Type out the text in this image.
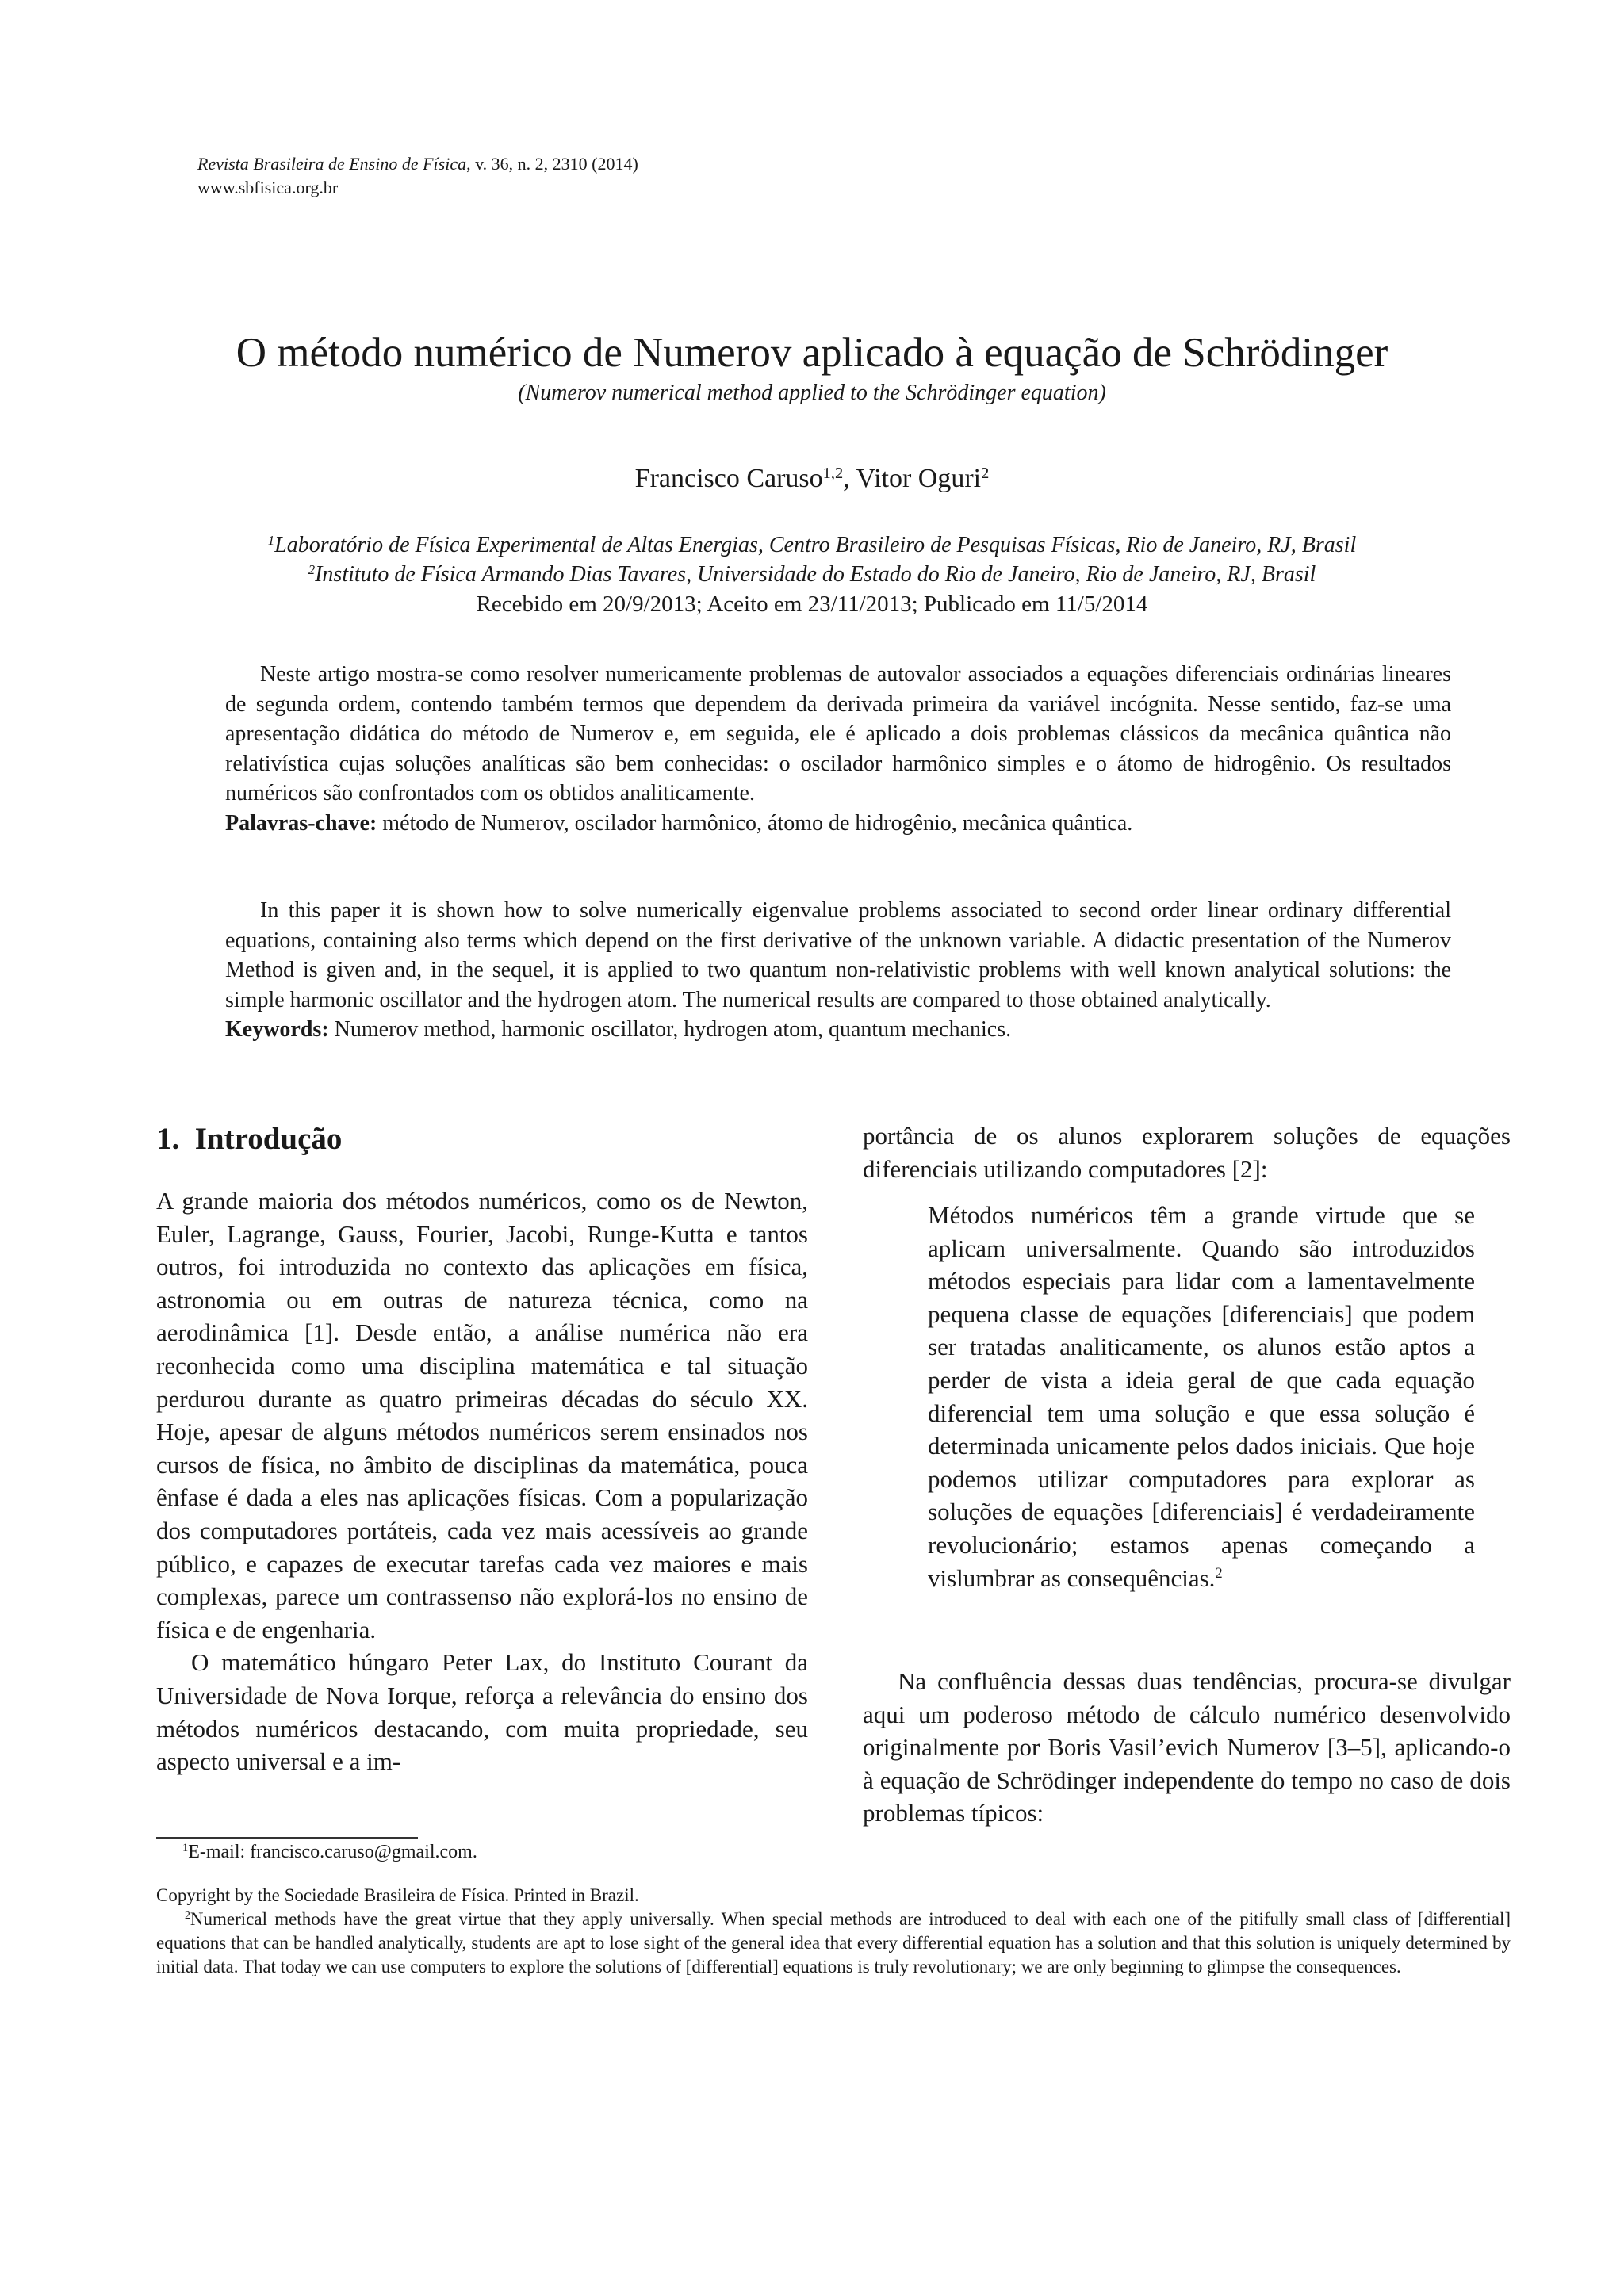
Revista Brasileira de Ensino de Física, v. 36, n. 2, 2310 (2014)
www.sbfisica.org.br
O método numérico de Numerov aplicado à equação de Schrödinger
(Numerov numerical method applied to the Schrödinger equation)
Francisco Caruso$^{1,2}$, Vitor Oguri$^2$
$^1$Laboratório de Física Experimental de Altas Energias, Centro Brasileiro de Pesquisas Físicas, Rio de Janeiro, RJ, Brasil
$^2$Instituto de Física Armando Dias Tavares, Universidade do Estado do Rio de Janeiro, Rio de Janeiro, RJ, Brasil
Recebido em 20/9/2013; Aceito em 23/11/2013; Publicado em 11/5/2014

Neste artigo mostra-se como resolver numericamente problemas de autovalor associados a equações diferenciais ordinárias lineares de segunda ordem, contendo também termos que dependem da derivada primeira da variável incógnita. Nesse sentido, faz-se uma apresentação didática do método de Numerov e, em seguida, ele é aplicado a dois problemas clássicos da mecânica quântica não relativística cujas soluções analíticas são bem conhecidas: o oscilador harmônico simples e o átomo de hidrogênio. Os resultados numéricos são confrontados com os obtidos analiticamente.

Palavras-chave: método de Numerov, oscilador harmônico, átomo de hidrogênio, mecânica quântica.

In this paper it is shown how to solve numerically eigenvalue problems associated to second order linear ordinary differential equations, containing also terms which depend on the first derivative of the unknown variable. A didactic presentation of the Numerov Method is given and, in the sequel, it is applied to two quantum non-relativistic problems with well known analytical solutions: the simple harmonic oscillator and the hydrogen atom. The numerical results are compared to those obtained analytically.

Keywords: Numerov method, harmonic oscillator, hydrogen atom, quantum mechanics.

1. Introdução

A grande maioria dos métodos numéricos, como os de Newton, Euler, Lagrange, Gauss, Fourier, Jacobi, Runge-Kutta e tantos outros, foi introduzida no contexto das aplicações em física, astronomia ou em outras de natureza técnica, como na aerodinâmica [1]. Desde então, a análise numérica não era reconhecida como uma disciplina matemática e tal situação perdurou durante as quatro primeiras décadas do século XX. Hoje, apesar de alguns métodos numéricos serem ensinados nos cursos de física, no âmbito de disciplinas da matemática, pouca ênfase é dada a eles nas aplicações físicas. Com a popularização dos computadores portáteis, cada vez mais acessíveis ao grande público, e capazes de executar tarefas cada vez maiores e mais complexas, parece um contrassenso não explorá-los no ensino de física e de engenharia.

O matemático húngaro Peter Lax, do Instituto Courant da Universidade de Nova Iorque, reforça a relevância do ensino dos métodos numéricos destacando, com muita propriedade, seu aspecto universal e a im-

portância de os alunos explorarem soluções de equações diferenciais utilizando computadores [2]:

Métodos numéricos têm a grande virtude que se aplicam universalmente. Quando são introduzidos métodos especiais para lidar com a lamentavelmente pequena classe de equações [diferenciais] que podem ser tratadas analiticamente, os alunos estão aptos a perder de vista a ideia geral de que cada equação diferencial tem uma solução e que essa solução é determinada unicamente pelos dados iniciais. Que hoje podemos utilizar computadores para explorar as soluções de equações [diferenciais] é verdadeiramente revolucionário; estamos apenas começando a vislumbrar as consequências.$^2$

Na confluência dessas duas tendências, procura-se divulgar aqui um poderoso método de cálculo numérico desenvolvido originalmente por Boris Vasil’evich Numerov [3–5], aplicando-o à equação de Schrödinger independente do tempo no caso de dois problemas típicos:

$^1$E-mail: francisco.caruso@gmail.com.

Copyright by the Sociedade Brasileira de Física. Printed in Brazil.

$^2$Numerical methods have the great virtue that they apply universally. When special methods are introduced to deal with each one of the pitifully small class of [differential] equations that can be handled analytically, students are apt to lose sight of the general idea that every differential equation has a solution and that this solution is uniquely determined by initial data. That today we can use computers to explore the solutions of [differential] equations is truly revolutionary; we are only beginning to glimpse the consequences.
